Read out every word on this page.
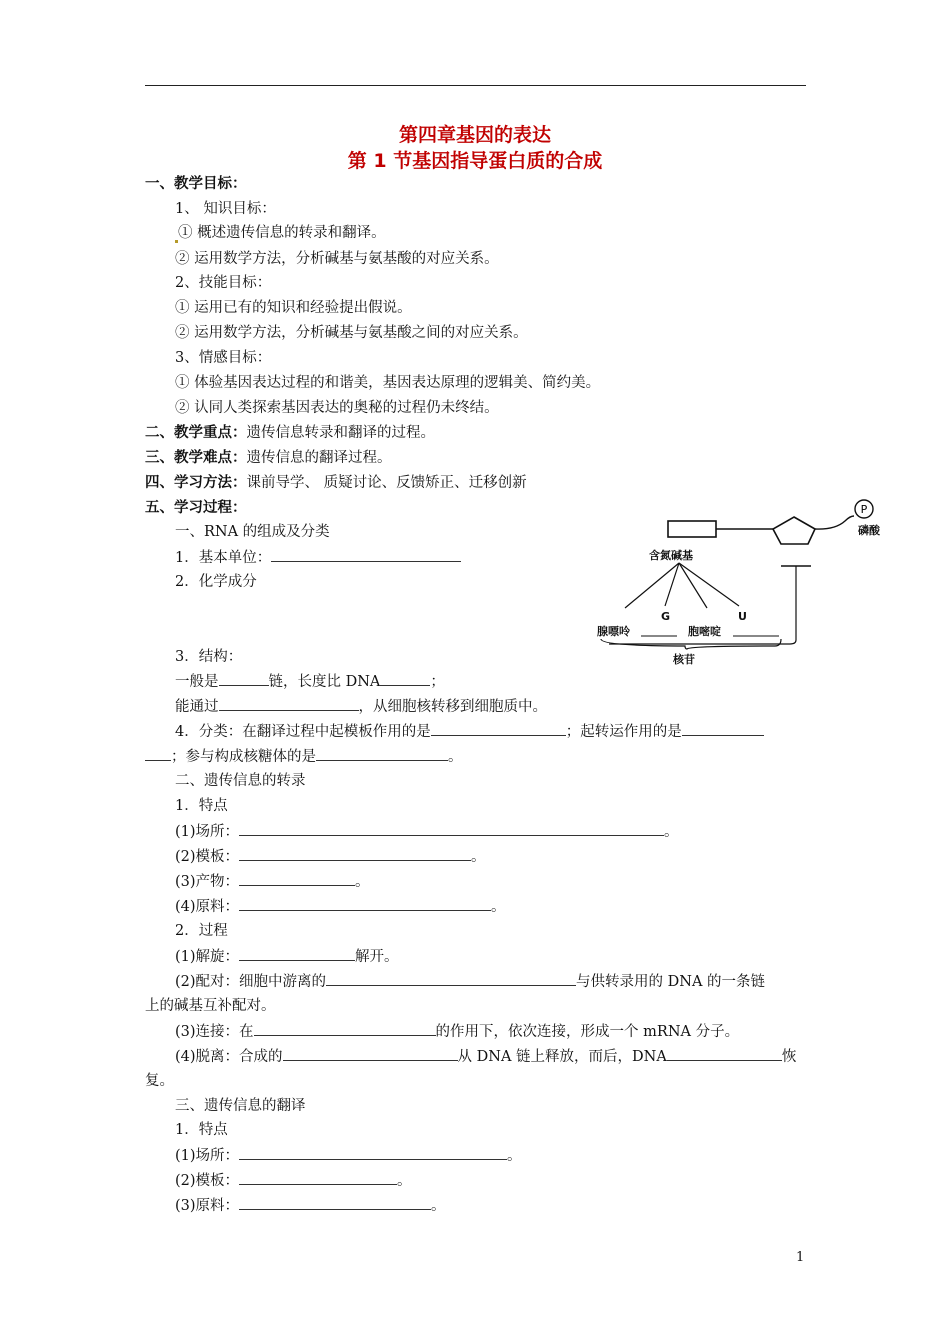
第四章基因的表达
第 1 节基因指导蛋白质的合成
一、教学目标：
1、 知识目标：
① 概述遗传信息的转录和翻译。
② 运用数学方法，分析碱基与氨基酸的对应关系。
2、技能目标：
① 运用已有的知识和经验提出假说。
② 运用数学方法，分析碱基与氨基酸之间的对应关系。
3、情感目标：
① 体验基因表达过程的和谐美，基因表达原理的逻辑美、简约美。
② 认同人类探索基因表达的奥秘的过程仍未终结。
二、教学重点：遗传信息转录和翻译的过程。
三、教学难点：遗传信息的翻译过程。
四、学习方法：课前导学、 质疑讨论、反馈矫正、迁移创新
五、学习过程：
一、RNA 的组成及分类
1．基本单位：
2．化学成分
3．结构：
一般是	链，长度比 DNA	；
能通过	，从细胞核转移到细胞质中。
4．分类：在翻译过程中起模板作用的是	；起转运作用的是
；参与构成核糖体的是	。
P
磷酸
含氮碱基
G	U
腺嘌呤	胞嘧啶
核苷
二、遗传信息的转录
1．特点
(1)场所：	。
(2)模板：	。
(3)产物：	。
(4)原料：	。
2．过程
(1)解旋：	解开。
(2)配对：细胞中游离的	与供转录用的 DNA 的一条链
上的碱基互补配对。
(3)连接：在	的作用下，依次连接，形成一个 mRNA 分子。
(4)脱离：合成的	从 DNA 链上释放，而后，DNA	恢
复。
三、遗传信息的翻译
1．特点
(1)场所：	。
(2)模板：	。
(3)原料：	。
1
